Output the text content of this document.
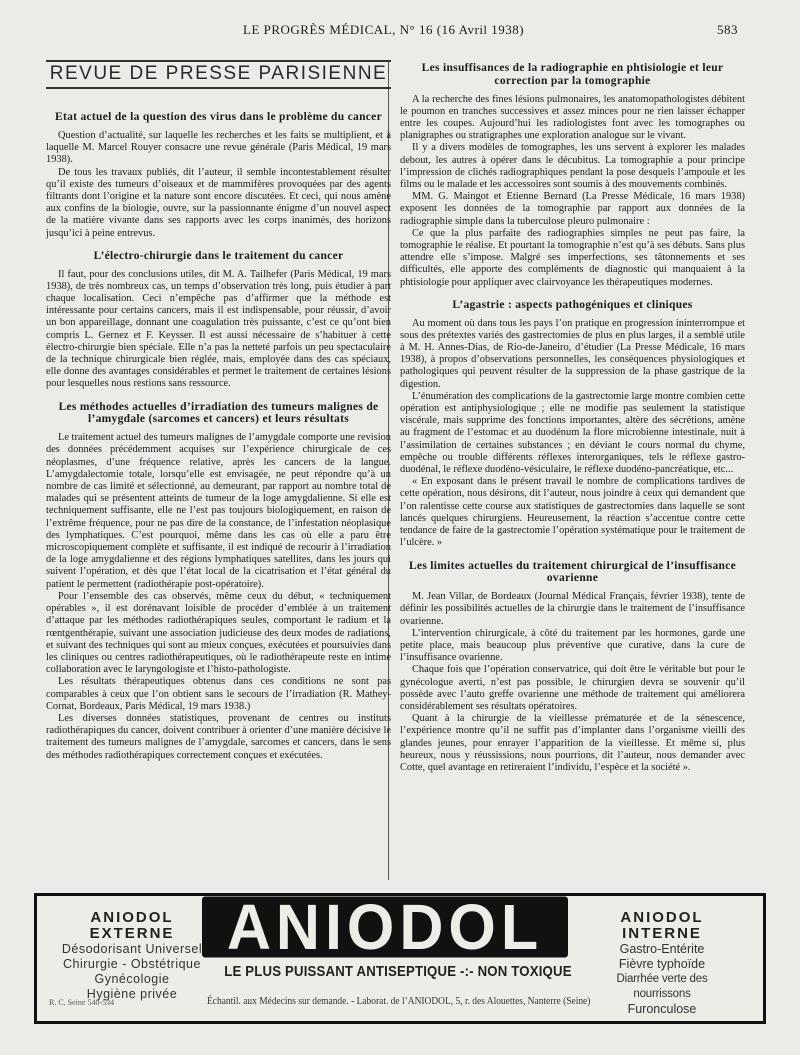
LE PROGRÈS MÉDICAL, N° 16 (16 Avril 1938)	583
REVUE DE PRESSE PARISIENNE
Etat actuel de la question des virus dans le problème du cancer

Question d’actualité, sur laquelle les recherches et les faits se multiplient, et à laquelle M. Marcel Rouyer consacre une revue générale (Paris Médical, 19 mars 1938).

De tous les travaux publiés, dit l’auteur, il semble incontestablement résulter qu’il existe des tumeurs d’oiseaux et de mammifères provoquées par des agents filtrants dont l’origine et la nature sont encore discutées. Et ceci, qui nous amène aux confins de la biologie, ouvre, sur la passionnante énigme d’un nouvel aspect de la matière vivante dans ses rapports avec les corps inanimés, des horizons jusqu’ici à peine entrevus.

L’électro-chirurgie dans le traitement du cancer

Il faut, pour des conclusions utiles, dit M. A. Tailhefer (Paris Médical, 19 mars 1938), de très nombreux cas, un temps d’observation très long, puis étudier à part chaque localisation. Ceci n’empêche pas d’affirmer que la méthode est intéressante pour certains cancers, mais il est indispensable, pour réussir, d’avoir un bon appareillage, donnant une coagulation très puissante, c’est ce qu’ont bien compris L. Gernez et F. Keysser. Il est aussi nécessaire de s’habituer à cette électro-chirurgie bien spéciale. Elle n’a pas la netteté parfois un peu spectaculaire de la technique chirurgicale bien réglée, mais, employée dans des cas spéciaux, elle donne des avantages considérables et permet le traitement de certaines lésions pour lesquelles nous restions sans ressource.

Les méthodes actuelles d’irradiation des tumeurs malignes de l’amygdale (sarcomes et cancers) et leurs résultats

Le traitement actuel des tumeurs malignes de l’amygdale comporte une revision des données précédemment acquises sur l’expérience chirurgicale de ces néoplasmes, d’une fréquence relative, après les cancers de la langue. L’amygdalectomie totale, lorsqu’elle est envisagée, ne peut répondre qu’à un nombre de cas limité et sélectionné, au demeurant, par rapport au nombre total de malades qui se présentent atteints de tumeur de la loge amygdalienne. Si elle est techniquement suffisante, elle ne l’est pas toujours biologiquement, en raison de l’extrême fréquence, pour ne pas dire de la constance, de l’infestation néoplasique des lymphatiques. C’est pourquoi, même dans les cas où elle a paru être microscopiquement complète et suffisante, il est indiqué de recourir à l’irradiation de la loge amygdalienne et des régions lymphatiques satellites, dans les jours qui suivent l’opération, et dès que l’état local de la cicatrisation et l’état général du patient le permettent (radiothérapie post-opératoire).

Pour l’ensemble des cas observés, même ceux du début, « techniquement opérables », il est dorénavant loisible de procéder d’emblée à un traitement d’attaque par les méthodes radiothérapiques seules, comportant le radium et la rœntgenthérapie, suivant une association judicieuse des deux modes de radiations, et suivant des techniques qui sont au mieux conçues, exécutées et poursuivies dans les cliniques ou centres radiothérapeutiques, où le radiothérapeute reste en intime collaboration avec le laryngologiste et l’histo-pathologiste.

Les résultats thérapeutiques obtenus dans ces conditions ne sont pas comparables à ceux que l’on obtient sans le secours de l’irradiation (R. Mathey-Cornat, Bordeaux, Paris Médical, 19 mars 1938.)

Les diverses données statistiques, provenant de centres ou instituts radiothérapiques du cancer, doivent contribuer à orienter d’une manière décisive le traitement des tumeurs malignes de l’amygdale, sarcomes et cancers, dans le sens des méthodes radiothérapiques correctement conçues et exécutées.

Les insuffisances de la radiographie en phtisiologie et leur correction par la tomographie

A la recherche des fines lésions pulmonaires, les anatomopathologistes débitent le poumon en tranches successives et assez minces pour ne rien laisser échapper entre les coupes. Aujourd’hui les radiologistes font avec les tomographes ou planigraphes ou stratigraphes une exploration analogue sur le vivant.

Il y a divers modèles de tomographes, les uns servent à explorer les malades debout, les autres à opérer dans le décubitus. La tomographie a pour principe l’impression de clichés radiographiques pendant la pose desquels l’ampoule et les films ou le malade et les accessoires sont soumis à des mouvements combinés.

MM. G. Maingot et Etienne Bernard (La Presse Médicale, 16 mars 1938) exposent les données de la tomographie par rapport aux données de la radiographie simple dans la tuberculose pleuro pulmonaire :

Ce que la plus parfaite des radiographies simples ne peut pas faire, la tomographie le réalise. Et pourtant la tomographie n’est qu’à ses débuts. Sans plus attendre elle s’impose. Malgré ses imperfections, ses tâtonnements et ses difficultés, elle apporte des compléments de diagnostic qui manquaient à la phtisiologie pour appliquer avec clairvoyance les thérapeutiques modernes.

L’agastrie : aspects pathogéniques et cliniques

Au moment où dans tous les pays l’on pratique en progression ininterrompue et sous des prétextes variés des gastrectomies de plus en plus larges, il a semblé utile à M. H. Annes-Dias, de Rio-de-Janeiro, d’étudier (La Presse Médicale, 16 mars 1938), à propos d’observations personnelles, les conséquences physiologiques et pathologiques qui peuvent résulter de la suppression de la phase gastrique de la digestion.

L’énumération des complications de la gastrectomie large montre combien cette opération est antiphysiologique ; elle ne modifie pas seulement la statistique viscérale, mais supprime des fonctions importantes, altère des sécrétions, amène au fragment de l’estomac et au duodénum la flore microbienne intestinale, nuit à l’assimilation de certaines substances ; en déviant le cours normal du chyme, empêche ou trouble différents réflexes interorganiques, tels le réflexe gastro-duodénal, le réflexe duodéno-vésiculaire, le réflexe duodéno-pancréatique, etc...

« En exposant dans le présent travail le nombre de complications tardives de cette opération, nous désirons, dit l’auteur, nous joindre à ceux qui demandent que l’on ralentisse cette course aux statistiques de gastrectomies dans laquelle se sont lancés quelques chirurgiens. Heureusement, la réaction s’accentue contre cette tendance de faire de la gastrectomie l’opération systématique pour le traitement de l’ulcère. »

Les limites actuelles du traitement chirurgical de l’insuffisance ovarienne

M. Jean Villar, de Bordeaux (Journal Médical Français, février 1938), tente de définir les possibilités actuelles de la chirurgie dans le traitement de l’insuffisance ovarienne.

L’intervention chirurgicale, à côté du traitement par les hormones, garde une petite place, mais beaucoup plus préventive que curative, dans la cure de l’insuffisance ovarienne.

Chaque fois que l’opération conservatrice, qui doit être le véritable but pour le gynécologue averti, n’est pas possible, le chirurgien devra se souvenir qu’il possède avec l’auto greffe ovarienne une méthode de traitement qui améliorera considérablement ses résultats opératoires.

Quant à la chirurgie de la vieillesse prématurée et de la sénescence, l’expérience montre qu’il ne suffit pas d’implanter dans l’organisme vieilli des glandes jeunes, pour enrayer l’apparition de la vieillesse. Et même si, plus heureux, nous y réussissions, nous pourrions, dit l’auteur, nous demander avec Cotte, quel avantage en retireraient l’individu, l’espèce et la société ».

ANIODOL
EXTERNE
Désodorisant Universel
Chirurgie - Obstétrique
Gynécologie
Hygiène privée
ANIODOL
LE PLUS PUISSANT ANTISEPTIQUE -:- NON TOXIQUE
Échantil. aux Médecins sur demande. - Laborat. de l’ANIODOL, 5, r. des Alouettes, Nanterre (Seine)
R. C. Seine 540-534
ANIODOL
INTERNE
Gastro-Entérite
Fièvre typhoïde
Diarrhée verte des nourrissons
Furonculose
